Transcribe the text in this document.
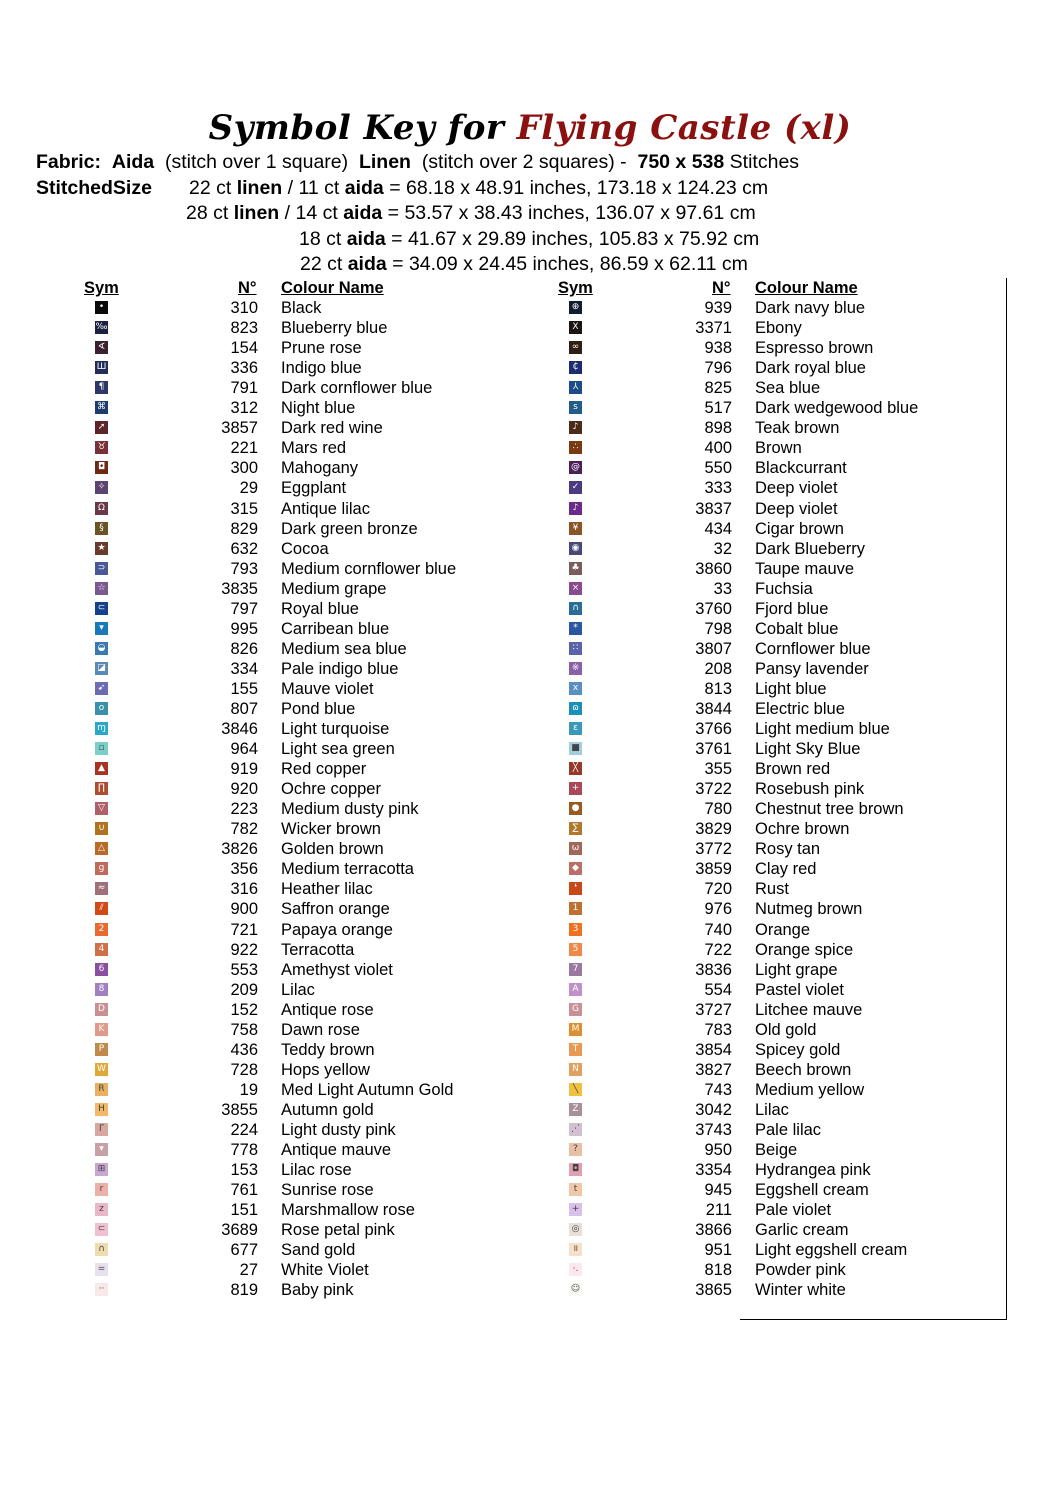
Symbol Key for Flying Castle (xl)
Fabric: Aida (stitch over 1 square) Linen (stitch over 2 squares) - 750 x 538 Stitches
StitchedSize 22 ct linen / 11 ct aida = 68.18 x 48.91 inches, 173.18 x 124.23 cm
28 ct linen / 14 ct aida = 53.57 x 38.43 inches, 136.07 x 97.61 cm
18 ct aida = 41.67 x 29.89 inches, 105.83 x 75.92 cm
22 ct aida = 34.09 x 24.45 inches, 86.59 x 62.11 cm
Sym	N° Colour Name
•	310 Black
‰	823 Blueberry blue
∢	154 Prune rose
Ш	336 Indigo blue
¶	791 Dark cornflower blue
⌘	312 Night blue
➚	3857 Dark red wine
♉	221 Mars red
◘	300 Mahogany
✧	29 Eggplant
Ω	315 Antique lilac
§	829 Dark green bronze
★	632 Cocoa
⊃	793 Medium cornflower blue
☆	3835 Medium grape
⊂	797 Royal blue
▾	995 Carribean blue
◒	826 Medium sea blue
◪	334 Pale indigo blue
➹	155 Mauve violet
o	807 Pond blue
ɱ	3846 Light turquoise
▫	964 Light sea green
▲	919 Red copper
∏	920 Ochre copper
▽	223 Medium dusty pink
∪	782 Wicker brown
△	3826 Golden brown
g	356 Medium terracotta
≈	316 Heather lilac
⫽	900 Saffron orange
2	721 Papaya orange
4	922 Terracotta
6	553 Amethyst violet
8	209 Lilac
D	152 Antique rose
K	758 Dawn rose
P	436 Teddy brown
W	728 Hops yellow
R	19 Med Light Autumn Gold
H	3855 Autumn gold
Γ	224 Light dusty pink
▾	778 Antique mauve
⊞	153 Lilac rose
r	761 Sunrise rose
z	151 Marshmallow rose
⊂	3689 Rose petal pink
∩	677 Sand gold
=	27 White Violet
··	819 Baby pink
Sym	N° Colour Name
⊕	939 Dark navy blue
X	3371 Ebony
∞	938 Espresso brown
₵	796 Dark royal blue
⅄	825 Sea blue
s	517 Dark wedgewood blue
♪	898 Teak brown
∴	400 Brown
@	550 Blackcurrant
✓	333 Deep violet
♪	3837 Deep violet
¥	434 Cigar brown
◉	32 Dark Blueberry
♣	3860 Taupe mauve
×	33 Fuchsia
∩	3760 Fjord blue
*	798 Cobalt blue
∷	3807 Cornflower blue
※	208 Pansy lavender
x	813 Light blue
ɷ	3844 Electric blue
ε	3766 Light medium blue
■	3761 Light Sky Blue
╳	355 Brown red
+	3722 Rosebush pink
●	780 Chestnut tree brown
∑	3829 Ochre brown
ω	3772 Rosy tan
◆	3859 Clay red
❛	720 Rust
1	976 Nutmeg brown
3	740 Orange
5	722 Orange spice
7	3836 Light grape
A	554 Pastel violet
G	3727 Litchee mauve
M	783 Old gold
T	3854 Spicey gold
N	3827 Beech brown
╲	743 Medium yellow
Z	3042 Lilac
⋰	3743 Pale lilac
?	950 Beige
◘	3354 Hydrangea pink
t	945 Eggshell cream
+	211 Pale violet
◎	3866 Garlic cream
॥	951 Light eggshell cream
·.	818 Powder pink
☺	3865 Winter white
